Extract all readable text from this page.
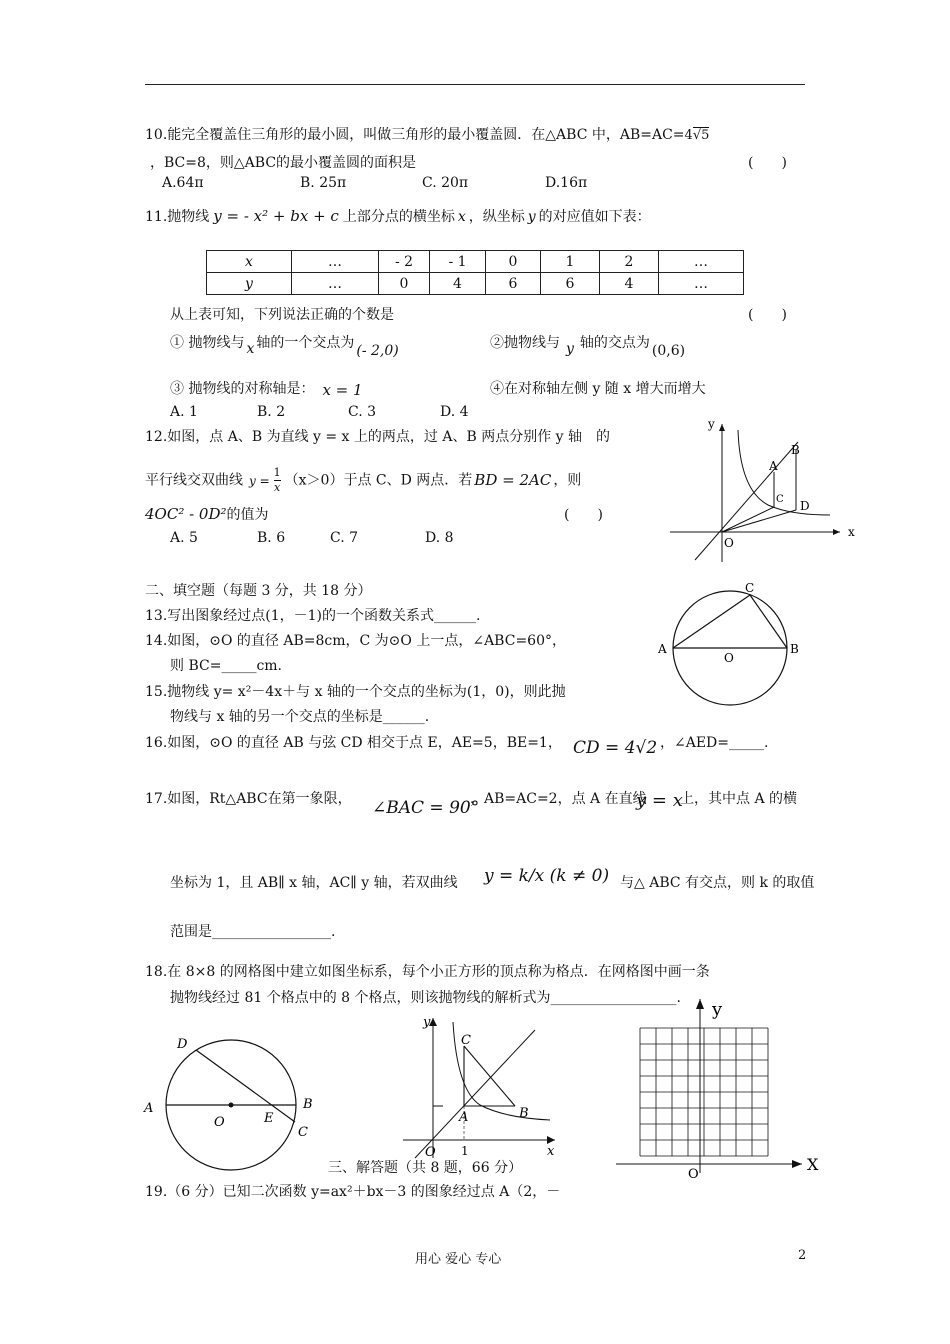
10.能完全覆盖住三角形的最小圆，叫做三角形的最小覆盖圆．在△ABC 中，AB=AC=4√5
，BC=8，则△ABC的最小覆盖圆的面积是	(　　)
A.64π	B. 25π	C. 20π	D.16π
11.抛物线 y = - x² + bx + c 上部分点的横坐标 x ，纵坐标 y 的对应值如下表：
x	…	- 2	- 1	0	1	2	…
y	…	0	4	6	6	4	…
从上表可知，下列说法正确的个数是	(　　)
① 抛物线与 x 轴的一个交点为 (- 2,0)	②抛物线与 y 轴的交点为 (0,6)
③ 抛物线的对称轴是： x = 1	④在对称轴左侧 y 随 x 增大而增大
A. 1	B. 2	C. 3	D. 4
12.如图，点 A、B 为直线 y = x 上的两点，过 A、B 两点分别作 y 轴　的
平行线交双曲线 $y = \frac{1}{x} (x>0)$于点 C、D 两点．若 BD = 2AC ，则
4OC² - 0D²的值为	(　　)
A. 5	B. 6	C. 7	D. 8
y
x
O
A
B
C D
二、填空题（每题 3 分，共 18 分）
13.写出图象经过点(1，－1)的一个函数关系式______.
14.如图，⊙O 的直径 AB=8cm，C 为⊙O 上一点，∠ABC=60°，
则 BC=_____cm.
A	B
C
O
15.抛物线 y= x²－4x＋与 x 轴的一个交点的坐标为(1，0)，则此抛
物线与 x 轴的另一个交点的坐标是______.
16.如图，⊙O 的直径 AB 与弦 CD 相交于点 E，AE=5，BE=1， CD = 4√2 ，∠AED=_____.
17.如图，Rt△ABC在第一象限， ∠BAC = 90°
，AB=AC=2，点 A 在直线
y = x
上，其中点 A 的横
坐标为 1，且 AB∥ x 轴，AC∥ y 轴，若双曲线 y = k/x (k ≠ 0) 与△ ABC 有交点，则 k 的取值
范围是_________________.
18.在 8×8 的网格图中建立如图坐标系，每个小正方形的顶点称为格点．在网格图中画一条
抛物线经过 81 个格点中的 8 个格点，则该抛物线的解析式为__________________.
A	B
C
D
E
O
y
x
O 1
A	B
C
y
X
O
三、解答题（共 8 题，66 分）
19.（6 分）已知二次函数 y=ax²＋bx－3 的图象经过点 A（2，－
用心 爱心 专心	2
